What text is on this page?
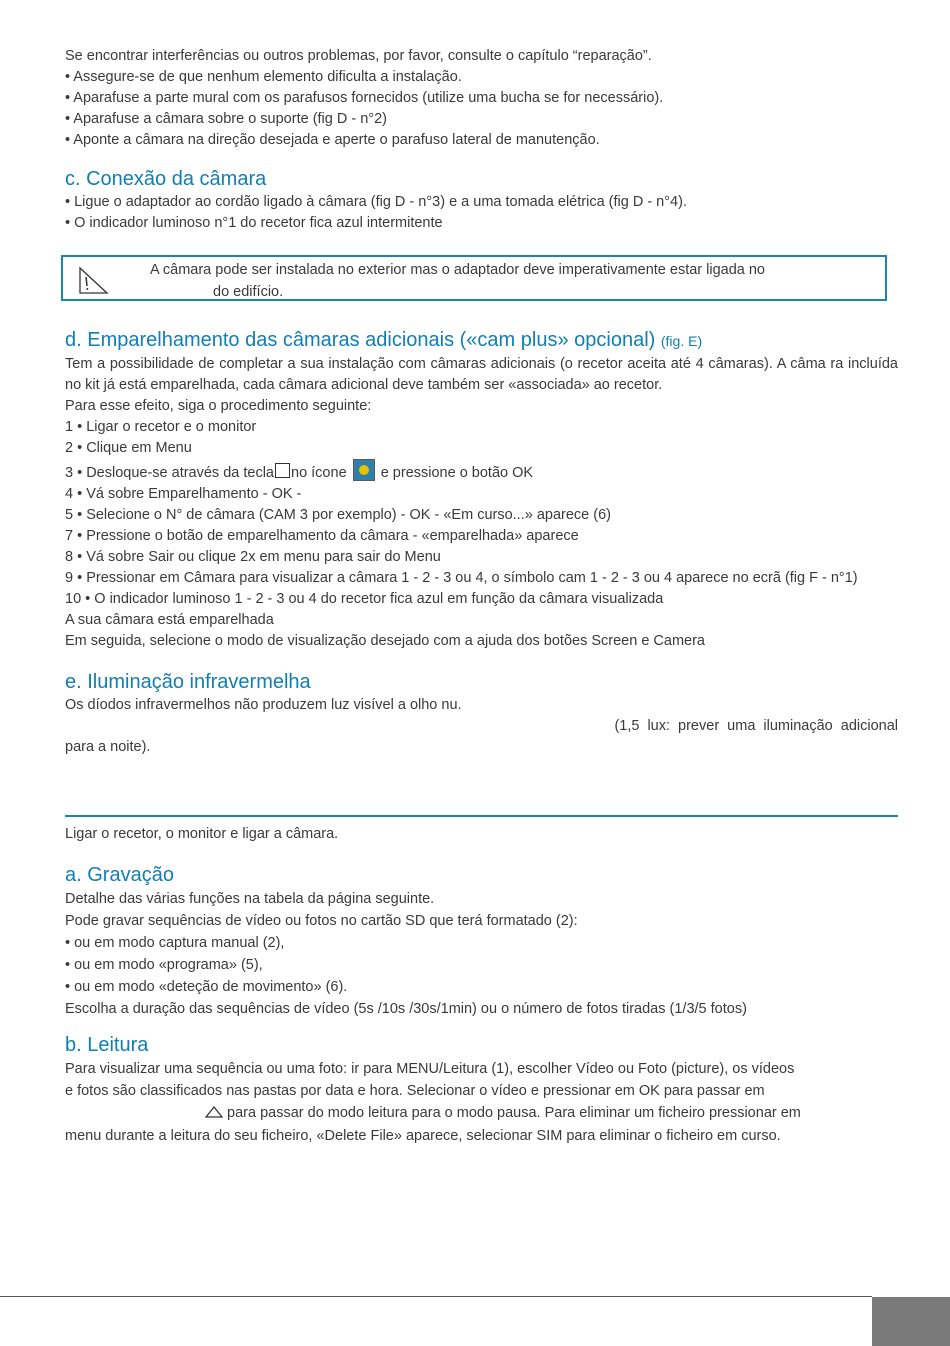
Se encontrar interferências ou outros problemas, por favor, consulte o capítulo “reparação”.

• Assegure-se de que nenhum elemento dificulta a instalação.

• Aparafuse a parte mural com os parafusos fornecidos (utilize uma bucha se for necessário).

• Aparafuse a câmara sobre o suporte (fig D - n°2)

• Aponte a câmara na direção desejada e aperte o parafuso lateral de manutenção.

c. Conexão da câmara

• Ligue o adaptador ao cordão ligado à câmara (fig D - n°3) e a uma tomada elétrica (fig D - n°4).

• O indicador luminoso n°1 do recetor fica azul intermitente

A câmara pode ser instalada no exterior mas o adaptador deve imperativamente estar ligada no
do edifício.
d. Emparelhamento das câmaras adicionais («cam plus» opcional) (fig. E)

Tem a possibilidade de completar a sua instalação com câmaras adicionais (o recetor aceita até 4 câmaras). A câma ra incluída no kit já está emparelhada, cada câmara adicional deve também ser «associada» ao recetor.

Para esse efeito, siga o procedimento seguinte:

1 • Ligar o recetor e o monitor

2 • Clique em Menu

3 • Desloque-se através da tecla no ícone e pressione o botão OK

4 • Vá sobre Emparelhamento - OK -

5 • Selecione o N° de câmara (CAM 3 por exemplo) - OK - «Em curso...» aparece (6)

7 • Pressione o botão de emparelhamento da câmara - «emparelhada» aparece

8 • Vá sobre Sair ou clique 2x em menu para sair do Menu

9 • Pressionar em Câmara para visualizar a câmara 1 - 2 - 3 ou 4, o símbolo cam 1 - 2 - 3 ou 4 aparece no ecrã (fig F - n°1)

10 • O indicador luminoso 1 - 2 - 3 ou 4 do recetor fica azul em função da câmara visualizada

A sua câmara está emparelhada

Em seguida, selecione o modo de visualização desejado com a ajuda dos botões Screen e Camera

e. Iluminação infravermelha

Os díodos infravermelhos não produzem luz visível a olho nu.

(1,5 lux: prever uma iluminação adicional

para a noite).

Ligar o recetor, o monitor e ligar a câmara.

a. Gravação

Detalhe das várias funções na tabela da página seguinte.

Pode gravar sequências de vídeo ou fotos no cartão SD que terá formatado (2):

• ou em modo captura manual (2),

• ou em modo «programa» (5),

• ou em modo «deteção de movimento» (6).

Escolha a duração das sequências de vídeo (5s /10s /30s/1min) ou o número de fotos tiradas (1/3/5 fotos)

b. Leitura

Para visualizar uma sequência ou uma foto: ir para MENU/Leitura (1), escolher Vídeo ou Foto (picture), os vídeos

e fotos são classificados nas pastas por data e hora. Selecionar o vídeo e pressionar em OK para passar em

para passar do modo leitura para o modo pausa. Para eliminar um ficheiro pressionar em

menu durante a leitura do seu ficheiro, «Delete File» aparece, selecionar SIM para eliminar o ficheiro em curso.
